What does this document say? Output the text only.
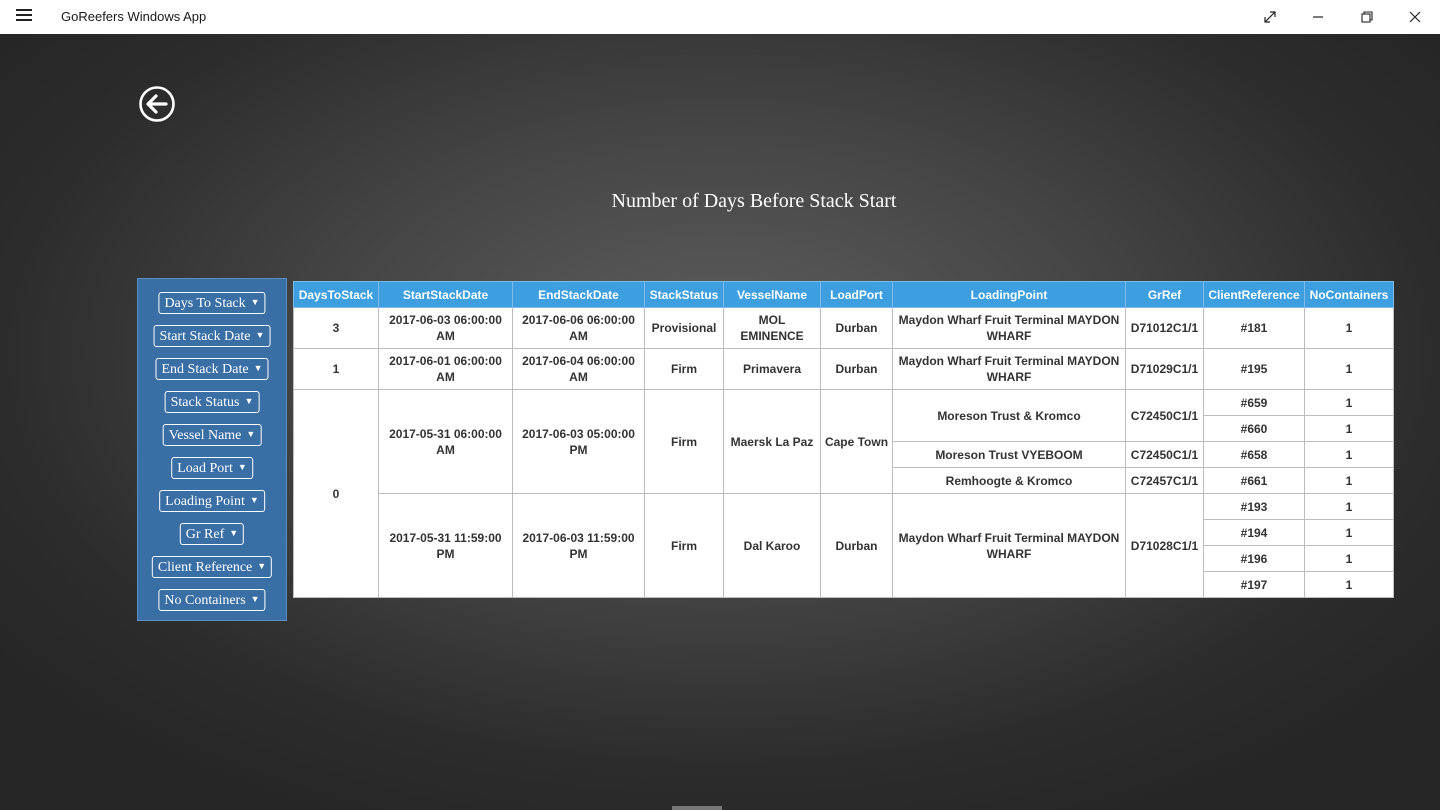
GoReefers Windows App
Number of Days Before Stack Start
Days To Stack ▼
Start Stack Date ▼
End Stack Date ▼
Stack Status ▼
Vessel Name ▼
Load Port ▼
Loading Point ▼
Gr Ref ▼
Client Reference ▼
No Containers ▼
DaysToStack	StartStackDate	EndStackDate	StackStatus	VesselName	LoadPort	LoadingPoint	GrRef	ClientReference	NoContainers
3	2017-06-03 06:00:00 AM	2017-06-06 06:00:00 AM	Provisional	MOL EMINENCE	Durban	Maydon Wharf Fruit Terminal MAYDON WHARF	D71012C1/1	#181	1
1	2017-06-01 06:00:00 AM	2017-06-04 06:00:00 AM	Firm	Primavera	Durban	Maydon Wharf Fruit Terminal MAYDON WHARF	D71029C1/1	#195	1
0	2017-05-31 06:00:00 AM	2017-06-03 05:00:00 PM	Firm	Maersk La Paz	Cape Town	Moreson Trust & Kromco	C72450C1/1	#659	1
								#660	1
						Moreson Trust VYEBOOM	C72450C1/1	#658	1
						Remhoogte & Kromco	C72457C1/1	#661	1
	2017-05-31 11:59:00 PM	2017-06-03 11:59:00 PM	Firm	Dal Karoo	Durban	Maydon Wharf Fruit Terminal MAYDON WHARF	D71028C1/1	#193	1
								#194	1
								#196	1
								#197	1
